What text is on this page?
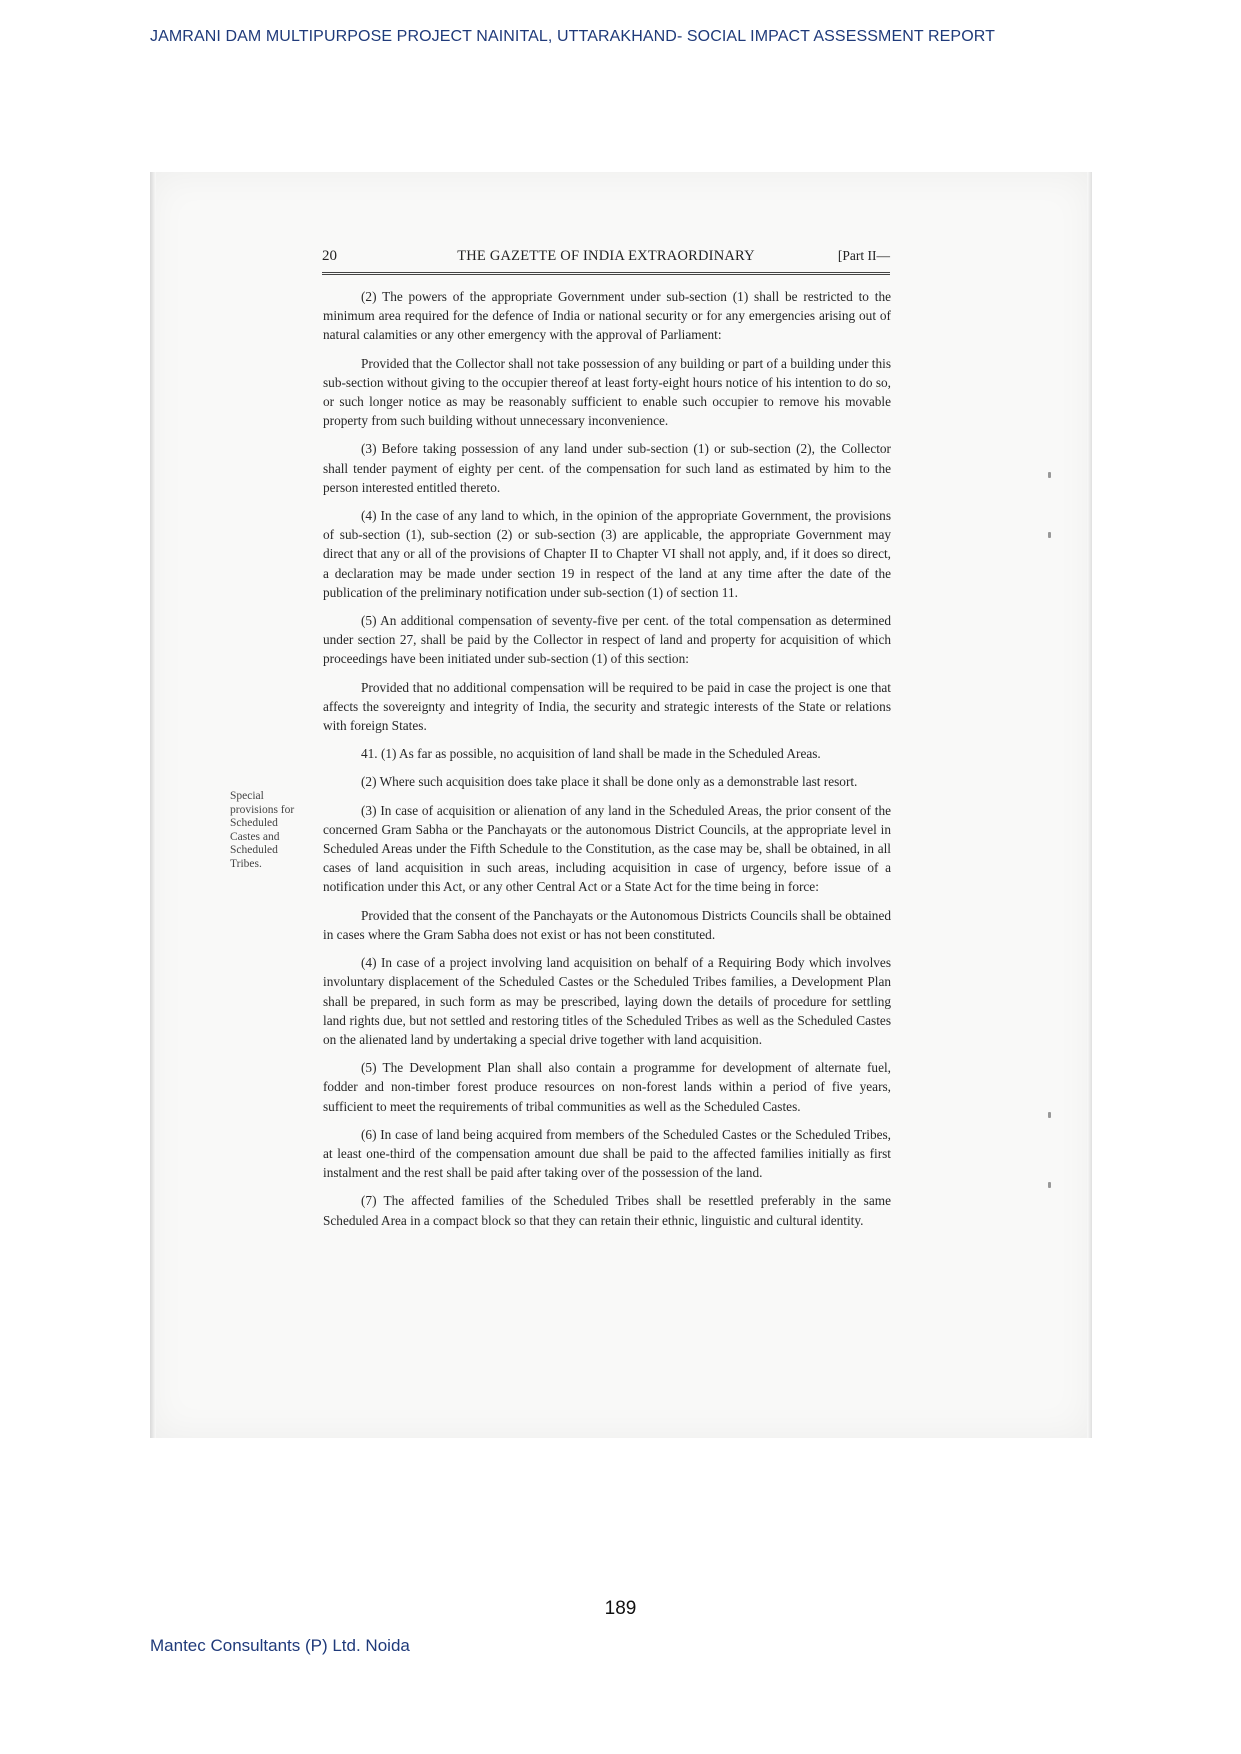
JAMRANI DAM MULTIPURPOSE PROJECT NAINITAL, UTTARAKHAND- SOCIAL IMPACT ASSESSMENT REPORT
20	THE GAZETTE OF INDIA EXTRAORDINARY	[Part II—
Special provisions for Scheduled Castes and Scheduled Tribes.

(2) The powers of the appropriate Government under sub-section (1) shall be restricted to the minimum area required for the defence of India or national security or for any emergencies arising out of natural calamities or any other emergency with the approval of Parliament:

Provided that the Collector shall not take possession of any building or part of a building under this sub-section without giving to the occupier thereof at least forty-eight hours notice of his intention to do so, or such longer notice as may be reasonably sufficient to enable such occupier to remove his movable property from such building without unnecessary inconvenience.

(3) Before taking possession of any land under sub-section (1) or sub-section (2), the Collector shall tender payment of eighty per cent. of the compensation for such land as estimated by him to the person interested entitled thereto.

(4) In the case of any land to which, in the opinion of the appropriate Government, the provisions of sub-section (1), sub-section (2) or sub-section (3) are applicable, the appropriate Government may direct that any or all of the provisions of Chapter II to Chapter VI shall not apply, and, if it does so direct, a declaration may be made under section 19 in respect of the land at any time after the date of the publication of the preliminary notification under sub-section (1) of section 11.

(5) An additional compensation of seventy-five per cent. of the total compensation as determined under section 27, shall be paid by the Collector in respect of land and property for acquisition of which proceedings have been initiated under sub-section (1) of this section:

Provided that no additional compensation will be required to be paid in case the project is one that affects the sovereignty and integrity of India, the security and strategic interests of the State or relations with foreign States.

41. (1) As far as possible, no acquisition of land shall be made in the Scheduled Areas.

(2) Where such acquisition does take place it shall be done only as a demonstrable last resort.

(3) In case of acquisition or alienation of any land in the Scheduled Areas, the prior consent of the concerned Gram Sabha or the Panchayats or the autonomous District Councils, at the appropriate level in Scheduled Areas under the Fifth Schedule to the Constitution, as the case may be, shall be obtained, in all cases of land acquisition in such areas, including acquisition in case of urgency, before issue of a notification under this Act, or any other Central Act or a State Act for the time being in force:

Provided that the consent of the Panchayats or the Autonomous Districts Councils shall be obtained in cases where the Gram Sabha does not exist or has not been constituted.

(4) In case of a project involving land acquisition on behalf of a Requiring Body which involves involuntary displacement of the Scheduled Castes or the Scheduled Tribes families, a Development Plan shall be prepared, in such form as may be prescribed, laying down the details of procedure for settling land rights due, but not settled and restoring titles of the Scheduled Tribes as well as the Scheduled Castes on the alienated land by undertaking a special drive together with land acquisition.

(5) The Development Plan shall also contain a programme for development of alternate fuel, fodder and non-timber forest produce resources on non-forest lands within a period of five years, sufficient to meet the requirements of tribal communities as well as the Scheduled Castes.

(6) In case of land being acquired from members of the Scheduled Castes or the Scheduled Tribes, at least one-third of the compensation amount due shall be paid to the affected families initially as first instalment and the rest shall be paid after taking over of the possession of the land.

(7) The affected families of the Scheduled Tribes shall be resettled preferably in the same Scheduled Area in a compact block so that they can retain their ethnic, linguistic and cultural identity.

189
Mantec Consultants (P) Ltd. Noida
